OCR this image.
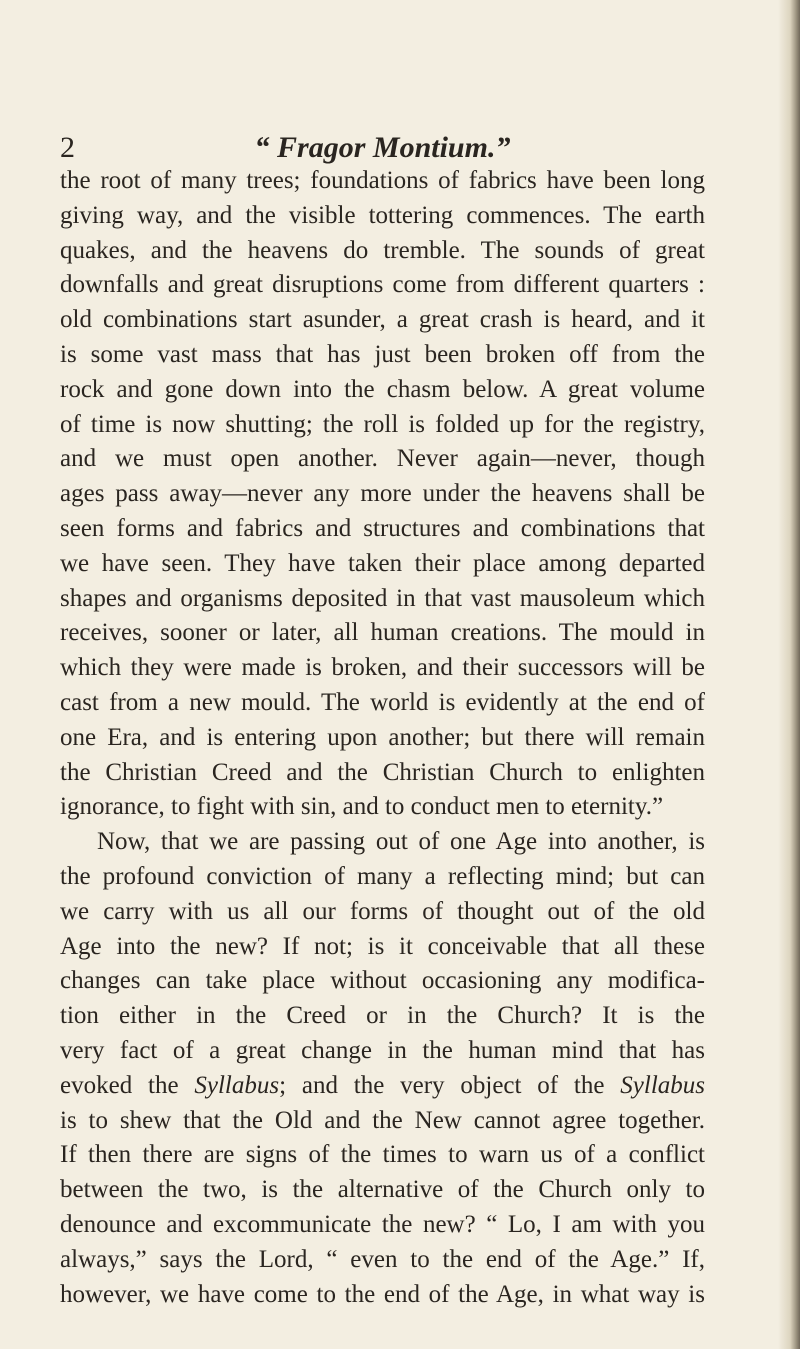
2	“ Fragor Montium.”
the root of many trees; foundations of fabrics have been long
giving way, and the visible tottering commences. The earth
quakes, and the heavens do tremble. The sounds of great
downfalls and great disruptions come from different quarters :
old combinations start asunder, a great crash is heard, and it
is some vast mass that has just been broken off from the
rock and gone down into the chasm below. A great volume
of time is now shutting; the roll is folded up for the registry,
and we must open another. Never again—never, though
ages pass away—never any more under the heavens shall be
seen forms and fabrics and structures and combinations that
we have seen. They have taken their place among departed
shapes and organisms deposited in that vast mausoleum which
receives, sooner or later, all human creations. The mould in
which they were made is broken, and their successors will be
cast from a new mould. The world is evidently at the end of
one Era, and is entering upon another; but there will remain
the Christian Creed and the Christian Church to enlighten
ignorance, to fight with sin, and to conduct men to eternity.”
Now, that we are passing out of one Age into another, is
the profound conviction of many a reflecting mind; but can
we carry with us all our forms of thought out of the old
Age into the new? If not; is it conceivable that all these
changes can take place without occasioning any modifica-
tion either in the Creed or in the Church? It is the
very fact of a great change in the human mind that has
evoked the Syllabus; and the very object of the Syllabus
is to shew that the Old and the New cannot agree together.
If then there are signs of the times to warn us of a conflict
between the two, is the alternative of the Church only to
denounce and excommunicate the new? “ Lo, I am with you
always,” says the Lord, “ even to the end of the Age.” If,
however, we have come to the end of the Age, in what way is
